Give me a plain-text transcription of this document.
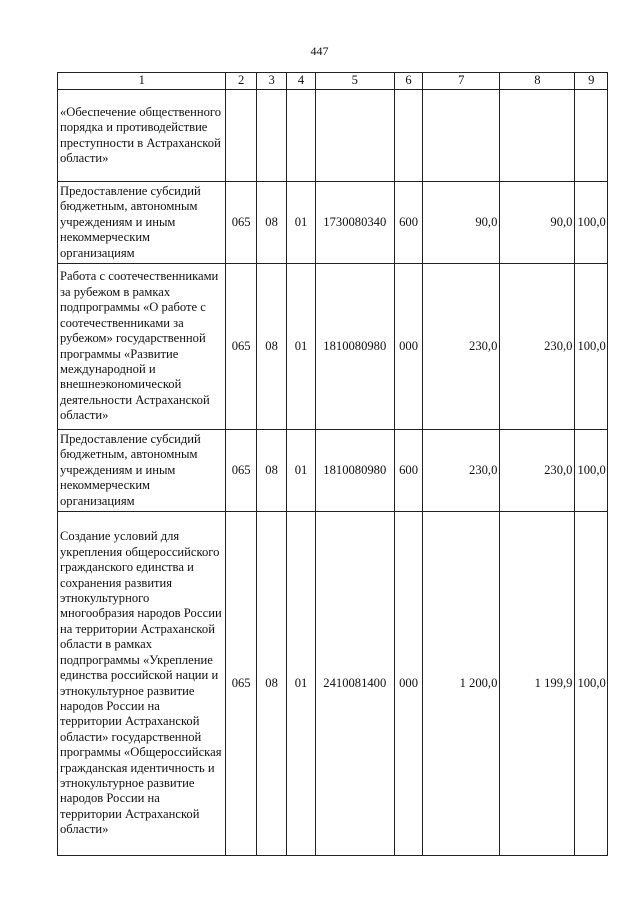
447
1	2	3	4	5	6	7	8	9
«Обеспечение общественного порядка и противодействие преступности в Астраханской области»								
Предоставление субсидий бюджетным, автономным учреждениям и иным некоммерческим организациям	065	08	01	1730080340	600	90,0	90,0	100,0
Работа с соотечественниками за рубежом в рамках подпрограммы «О работе с соотечественниками за рубежом» государственной программы «Развитие международной и внешнеэкономической деятельности Астраханской области»	065	08	01	1810080980	000	230,0	230,0	100,0
Предоставление субсидий бюджетным, автономным учреждениям и иным некоммерческим организациям	065	08	01	1810080980	600	230,0	230,0	100,0
Создание условий для укрепления общероссийского гражданского единства и сохранения развития этнокультурного многообразия народов России на территории Астраханской области в рамках подпрограммы «Укрепление единства российской нации и этнокультурное развитие народов России на территории Астраханской области» государственной программы «Общероссийская гражданская идентичность и этнокультурное развитие народов России на территории Астраханской области»	065	08	01	2410081400	000	1 200,0	1 199,9	100,0
